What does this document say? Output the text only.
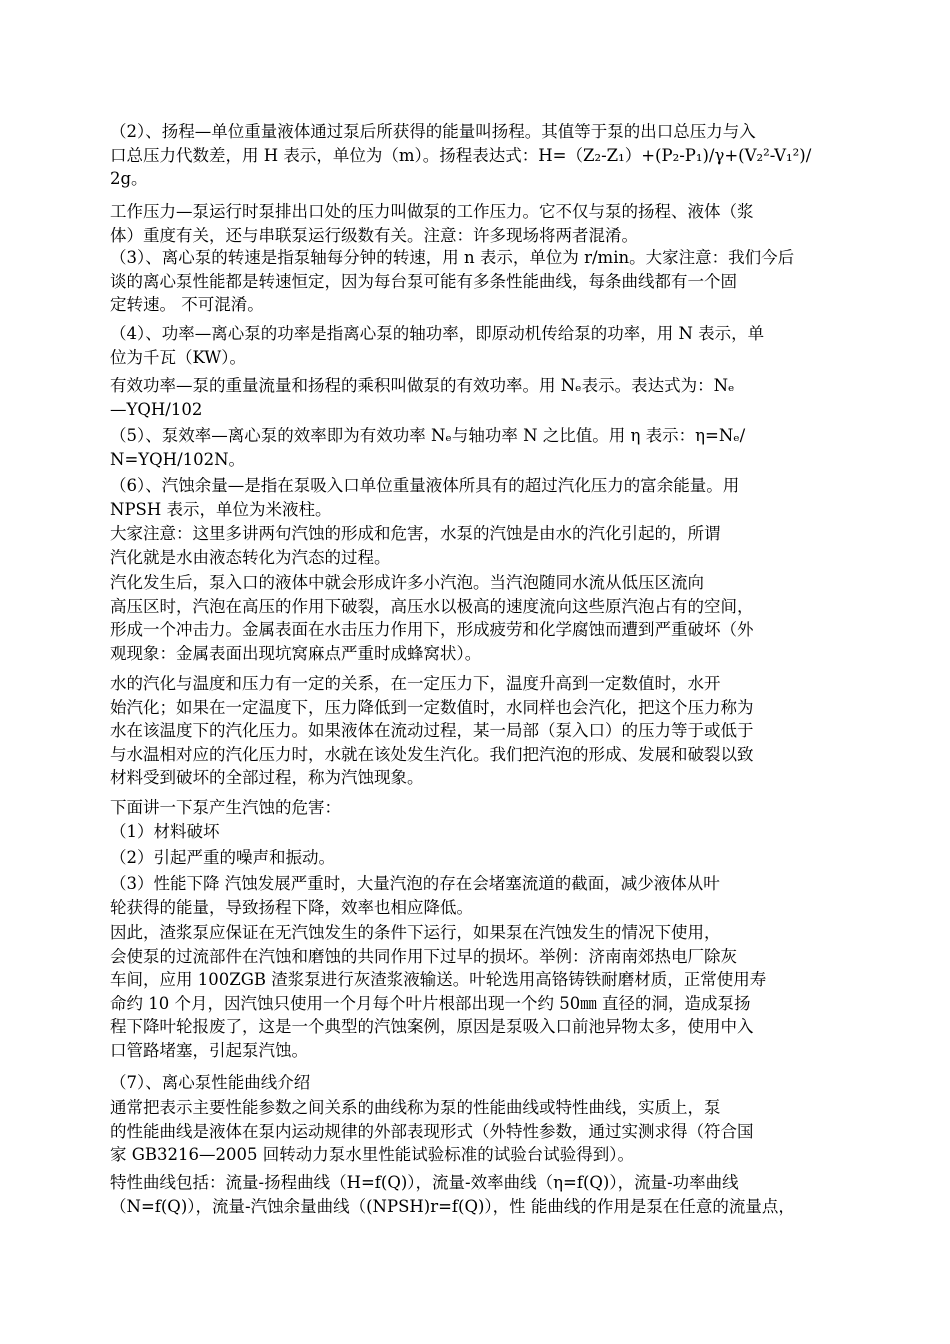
（2）、扬程—单位重量液体通过泵后所获得的能量叫扬程。其值等于泵的出口总压力与入
口总压力代数差，用 H 表示，单位为（m）。扬程表达式：H=（Z₂-Z₁）+(P₂-P₁)/γ+(V₂²-V₁²)/
2g。
工作压力—泵运行时泵排出口处的压力叫做泵的工作压力。它不仅与泵的扬程、液体（浆
体）重度有关，还与串联泵运行级数有关。注意：许多现场将两者混淆。
（3）、离心泵的转速是指泵轴每分钟的转速，用 n 表示，单位为 r/min。大家注意：我们今后
谈的离心泵性能都是转速恒定，因为每台泵可能有多条性能曲线，每条曲线都有一个固
定转速。 不可混淆。
（4）、功率—离心泵的功率是指离心泵的轴功率，即原动机传给泵的功率，用 N 表示，单
位为千瓦（KW）。
有效功率—泵的重量流量和扬程的乘积叫做泵的有效功率。用 Nₑ表示。表达式为：Nₑ
—YQH/102
（5）、泵效率—离心泵的效率即为有效功率 Nₑ与轴功率 N 之比值。用 η 表示：η=Nₑ/
N=YQH/102N。
（6）、汽蚀余量—是指在泵吸入口单位重量液体所具有的超过汽化压力的富余能量。用
NPSH 表示，单位为米液柱。
大家注意：这里多讲两句汽蚀的形成和危害，水泵的汽蚀是由水的汽化引起的，所谓
汽化就是水由液态转化为汽态的过程。
汽化发生后，泵入口的液体中就会形成许多小汽泡。当汽泡随同水流从低压区流向
高压区时，汽泡在高压的作用下破裂，高压水以极高的速度流向这些原汽泡占有的空间，
形成一个冲击力。金属表面在水击压力作用下，形成疲劳和化学腐蚀而遭到严重破坏（外
观现象：金属表面出现坑窝麻点严重时成蜂窝状）。
水的汽化与温度和压力有一定的关系，在一定压力下，温度升高到一定数值时，水开
始汽化；如果在一定温度下，压力降低到一定数值时，水同样也会汽化，把这个压力称为
水在该温度下的汽化压力。如果液体在流动过程，某一局部（泵入口）的压力等于或低于
与水温相对应的汽化压力时，水就在该处发生汽化。我们把汽泡的形成、发展和破裂以致
材料受到破坏的全部过程，称为汽蚀现象。
下面讲一下泵产生汽蚀的危害：
（1）材料破坏
（2）引起严重的噪声和振动。
（3）性能下降 汽蚀发展严重时，大量汽泡的存在会堵塞流道的截面，减少液体从叶
轮获得的能量，导致扬程下降，效率也相应降低。
因此，渣浆泵应保证在无汽蚀发生的条件下运行，如果泵在汽蚀发生的情况下使用，
会使泵的过流部件在汽蚀和磨蚀的共同作用下过早的损坏。举例：济南南郊热电厂除灰
车间，应用 100ZGB 渣浆泵进行灰渣浆液输送。叶轮选用高铬铸铁耐磨材质，正常使用寿
命约 10 个月，因汽蚀只使用一个月每个叶片根部出现一个约 50㎜ 直径的洞，造成泵扬
程下降叶轮报废了，这是一个典型的汽蚀案例，原因是泵吸入口前池异物太多，使用中入
口管路堵塞，引起泵汽蚀。
（7）、离心泵性能曲线介绍
通常把表示主要性能参数之间关系的曲线称为泵的性能曲线或特性曲线，实质上，泵
的性能曲线是液体在泵内运动规律的外部表现形式（外特性参数，通过实测求得（符合国
家 GB3216—2005 回转动力泵水里性能试验标准的试验台试验得到）。
特性曲线包括：流量-扬程曲线（H=f(Q)），流量-效率曲线（η=f(Q)），流量-功率曲线
（N=f(Q)），流量-汽蚀余量曲线（(NPSH)r=f(Q)），性 能曲线的作用是泵在任意的流量点，
